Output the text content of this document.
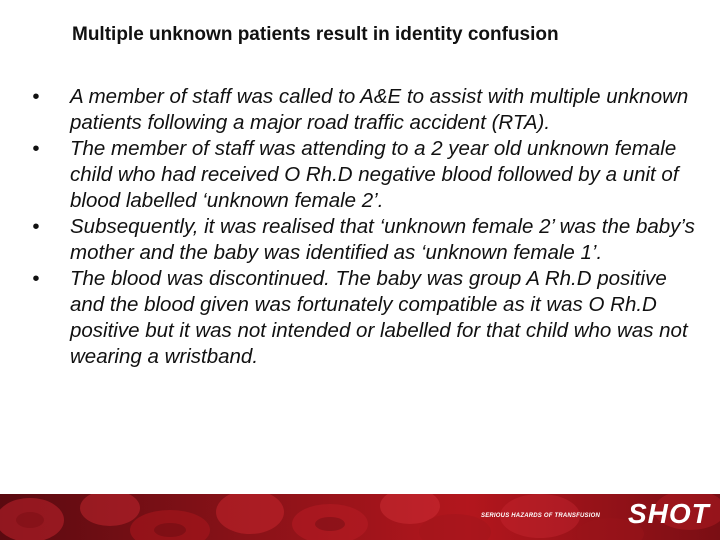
Multiple unknown patients result in identity confusion
•	A member of staff was called to A&E to assist with multiple unknown patients following a major road traffic accident (RTA).
•	The member of staff was attending to a 2 year old unknown female child who had received O Rh.D negative blood followed by a unit of blood labelled ‘unknown female 2’.
•	Subsequently, it was realised that ‘unknown female 2’ was the baby’s mother and the baby was identified as ‘unknown female 1’.
•	The blood was discontinued. The baby was group A Rh.D positive and the blood given was fortunately compatible as it was O Rh.D positive but it was not intended or labelled for that child who was not wearing a wristband.
SERIOUS HAZARDS OF TRANSFUSION SHOT
